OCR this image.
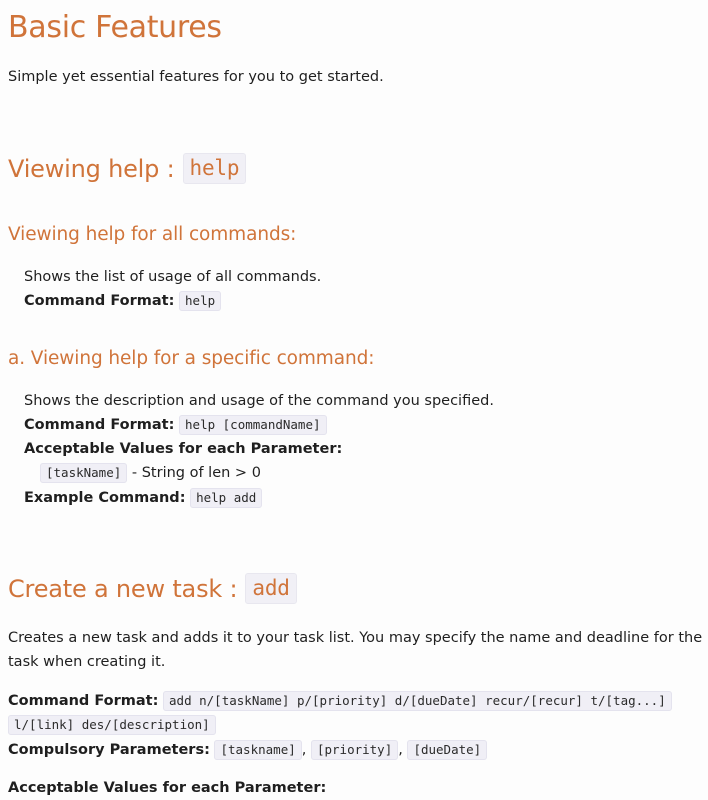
Basic Features
Simple yet essential features for you to get started.
Viewing help : help
Viewing help for all commands:
Shows the list of usage of all commands.
Command Format: help
a. Viewing help for a specific command:
Shows the description and usage of the command you specified.
Command Format: help [commandName]
Acceptable Values for each Parameter:
[taskName] - String of len > 0
Example Command: help add
Create a new task : add
Creates a new task and adds it to your task list. You may specify the name and deadline for the task when creating it.
Command Format: add n/[taskName] p/[priority] d/[dueDate] recur/[recur] t/[tag...]
l/[link] des/[description]
Compulsory Parameters: [taskname] , [priority] , [dueDate]
Acceptable Values for each Parameter:
